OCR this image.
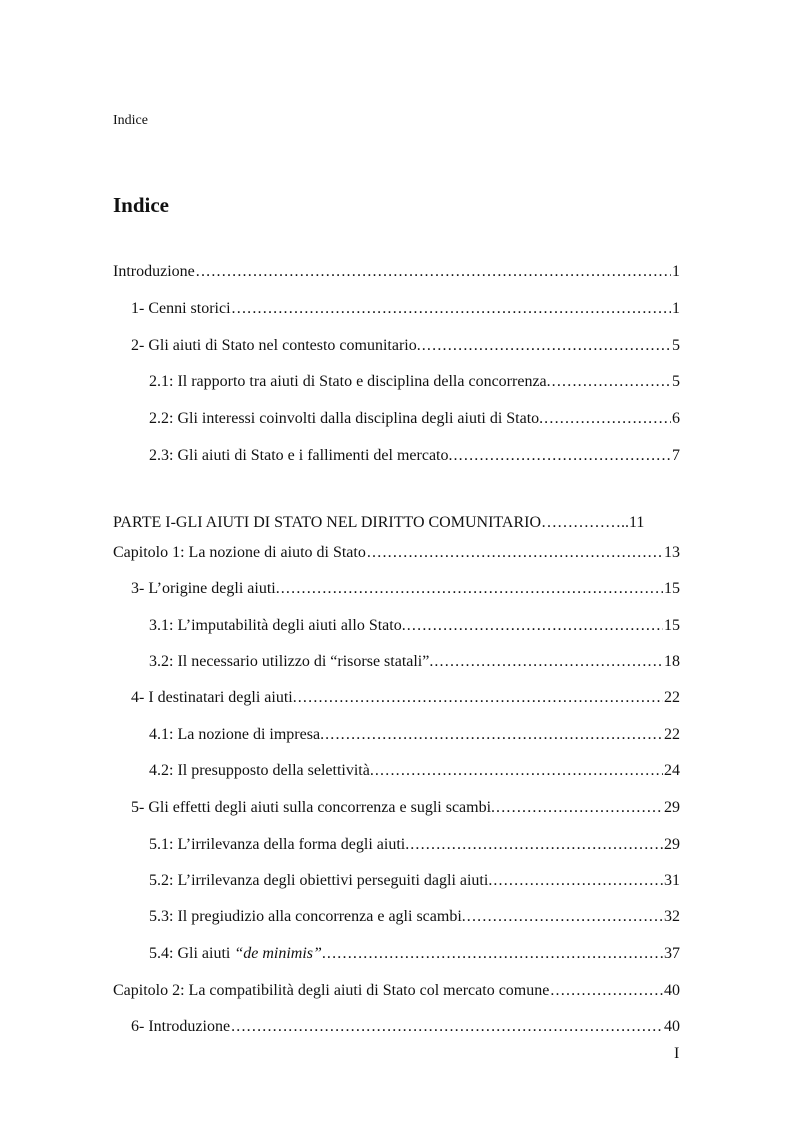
Indice
Indice
Introduzione . . .	1
1- Cenni storici . . .	1
2- Gli aiuti di Stato nel contesto comunitario. . . .	5
2.1: Il rapporto tra aiuti di Stato e disciplina della concorrenza. . . .	5
2.2: Gli interessi coinvolti dalla disciplina degli aiuti di Stato. . . .	6
2.3: Gli aiuti di Stato e i fallimenti del mercato. . . .	7
PARTE I-GLI AIUTI DI STATO NEL DIRITTO COMUNITARIO……………..11
Capitolo 1: La nozione di aiuto di Stato . . .	13
3- L’origine degli aiuti. . . .	15
3.1: L’imputabilità degli aiuti allo Stato. . . .	15
3.2: Il necessario utilizzo di “risorse statali”. . . .	18
4- I destinatari degli aiuti. . . .	22
4.1: La nozione di impresa. . . .	22
4.2: Il presupposto della selettività. . . .	24
5- Gli effetti degli aiuti sulla concorrenza e sugli scambi. . . .	29
5.1: L’irrilevanza della forma degli aiuti. . . .	29
5.2: L’irrilevanza degli obiettivi perseguiti dagli aiuti. . . .	31
5.3: Il pregiudizio alla concorrenza e agli scambi. . . .	32
5.4: Gli aiuti “de minimis”. . . .	37
Capitolo 2: La compatibilità degli aiuti di Stato col mercato comune . . .	40
6- Introduzione . . .	40
I
